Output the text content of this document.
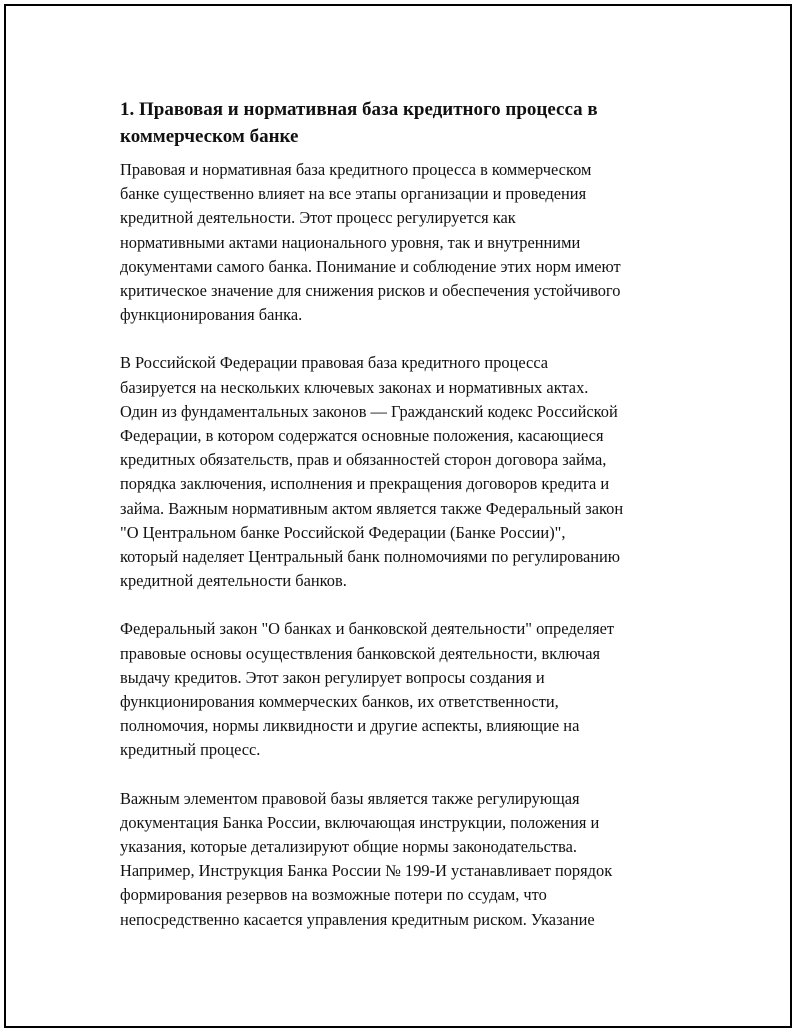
1. Правовая и нормативная база кредитного процесса в коммерческом банке

Правовая и нормативная база кредитного процесса в коммерческом
банке существенно влияет на все этапы организации и проведения
кредитной деятельности. Этот процесс регулируется как
нормативными актами национального уровня, так и внутренними
документами самого банка. Понимание и соблюдение этих норм имеют
критическое значение для снижения рисков и обеспечения устойчивого
функционирования банка.

В Российской Федерации правовая база кредитного процесса
базируется на нескольких ключевых законах и нормативных актах.
Один из фундаментальных законов — Гражданский кодекс Российской
Федерации, в котором содержатся основные положения, касающиеся
кредитных обязательств, прав и обязанностей сторон договора займа,
порядка заключения, исполнения и прекращения договоров кредита и
займа. Важным нормативным актом является также Федеральный закон
"О Центральном банке Российской Федерации (Банке России)",
который наделяет Центральный банк полномочиями по регулированию
кредитной деятельности банков.

Федеральный закон "О банках и банковской деятельности" определяет
правовые основы осуществления банковской деятельности, включая
выдачу кредитов. Этот закон регулирует вопросы создания и
функционирования коммерческих банков, их ответственности,
полномочия, нормы ликвидности и другие аспекты, влияющие на
кредитный процесс.

Важным элементом правовой базы является также регулирующая
документация Банка России, включающая инструкции, положения и
указания, которые детализируют общие нормы законодательства.
Например, Инструкция Банка России № 199-И устанавливает порядок
формирования резервов на возможные потери по ссудам, что
непосредственно касается управления кредитным риском. Указание
